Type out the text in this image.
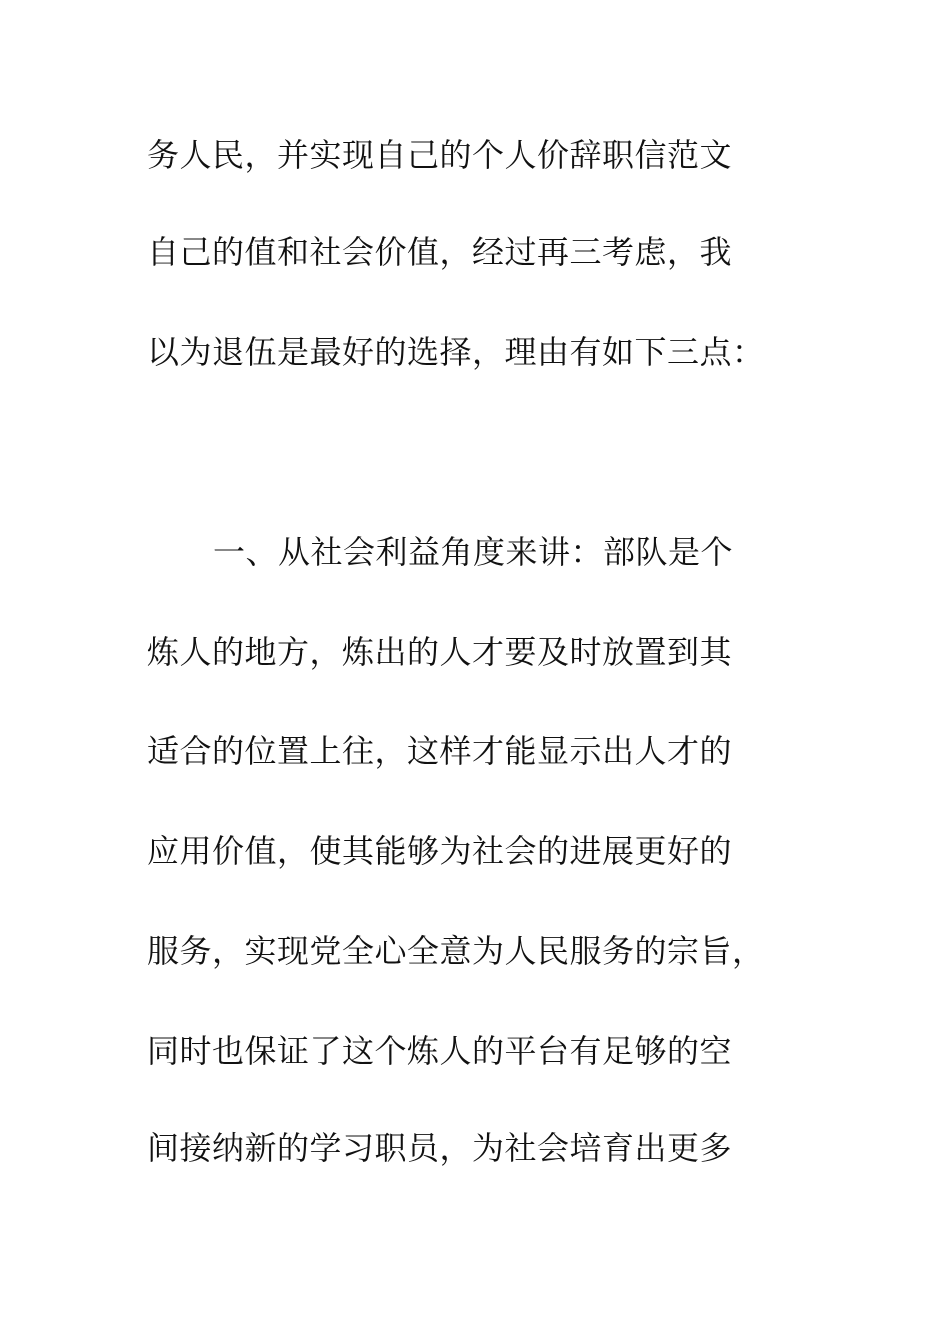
务人民，并实现自己的个人价辞职信范文
自己的值和社会价值，经过再三考虑，我
以为退伍是最好的选择，理由有如下三点：
一、从社会利益角度来讲：部队是个
炼人的地方，炼出的人才要及时放置到其
适合的位置上往，这样才能显示出人才的
应用价值，使其能够为社会的进展更好的
服务，实现党全心全意为人民服务的宗旨，
同时也保证了这个炼人的平台有足够的空
间接纳新的学习职员，为社会培育出更多
